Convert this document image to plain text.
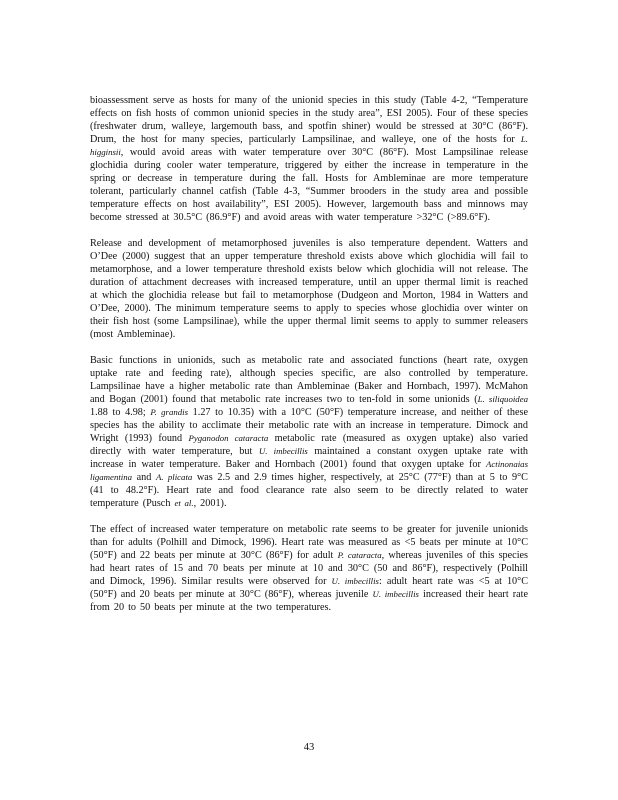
bioassessment serve as hosts for many of the unionid species in this study (Table 4-2, “Temperature effects on fish hosts of common unionid species in the study area”, ESI 2005). Four of these species (freshwater drum, walleye, largemouth bass, and spotfin shiner) would be stressed at 30°C (86°F). Drum, the host for many species, particularly Lampsilinae, and walleye, one of the hosts for L. higginsii, would avoid areas with water temperature over 30°C (86°F). Most Lampsilinae release glochidia during cooler water temperature, triggered by either the increase in temperature in the spring or decrease in temperature during the fall. Hosts for Ambleminae are more temperature tolerant, particularly channel catfish (Table 4-3, “Summer brooders in the study area and possible temperature effects on host availability”, ESI 2005). However, largemouth bass and minnows may become stressed at 30.5°C (86.9°F) and avoid areas with water temperature >32°C (>89.6°F).

Release and development of metamorphosed juveniles is also temperature dependent. Watters and O’Dee (2000) suggest that an upper temperature threshold exists above which glochidia will fail to metamorphose, and a lower temperature threshold exists below which glochidia will not release. The duration of attachment decreases with increased temperature, until an upper thermal limit is reached at which the glochidia release but fail to metamorphose (Dudgeon and Morton, 1984 in Watters and O’Dee, 2000). The minimum temperature seems to apply to species whose glochidia over winter on their fish host (some Lampsilinae), while the upper thermal limit seems to apply to summer releasers (most Ambleminae).

Basic functions in unionids, such as metabolic rate and associated functions (heart rate, oxygen uptake rate and feeding rate), although species specific, are also controlled by temperature. Lampsilinae have a higher metabolic rate than Ambleminae (Baker and Hornbach, 1997). McMahon and Bogan (2001) found that metabolic rate increases two to ten-fold in some unionids (L. siliquoidea 1.88 to 4.98; P. grandis 1.27 to 10.35) with a 10°C (50°F) temperature increase, and neither of these species has the ability to acclimate their metabolic rate with an increase in temperature. Dimock and Wright (1993) found Pyganodon cataracta metabolic rate (measured as oxygen uptake) also varied directly with water temperature, but U. imbecillis maintained a constant oxygen uptake rate with increase in water temperature. Baker and Hornbach (2001) found that oxygen uptake for Actinonaias ligamentina and A. plicata was 2.5 and 2.9 times higher, respectively, at 25°C (77°F) than at 5 to 9°C (41 to 48.2°F). Heart rate and food clearance rate also seem to be directly related to water temperature (Pusch et al., 2001).

The effect of increased water temperature on metabolic rate seems to be greater for juvenile unionids than for adults (Polhill and Dimock, 1996). Heart rate was measured as <5 beats per minute at 10°C (50°F) and 22 beats per minute at 30°C (86°F) for adult P. cataracta, whereas juveniles of this species had heart rates of 15 and 70 beats per minute at 10 and 30°C (50 and 86°F), respectively (Polhill and Dimock, 1996). Similar results were observed for U. imbecillis: adult heart rate was <5 at 10°C (50°F) and 20 beats per minute at 30°C (86°F), whereas juvenile U. imbecillis increased their heart rate from 20 to 50 beats per minute at the two temperatures.

43
